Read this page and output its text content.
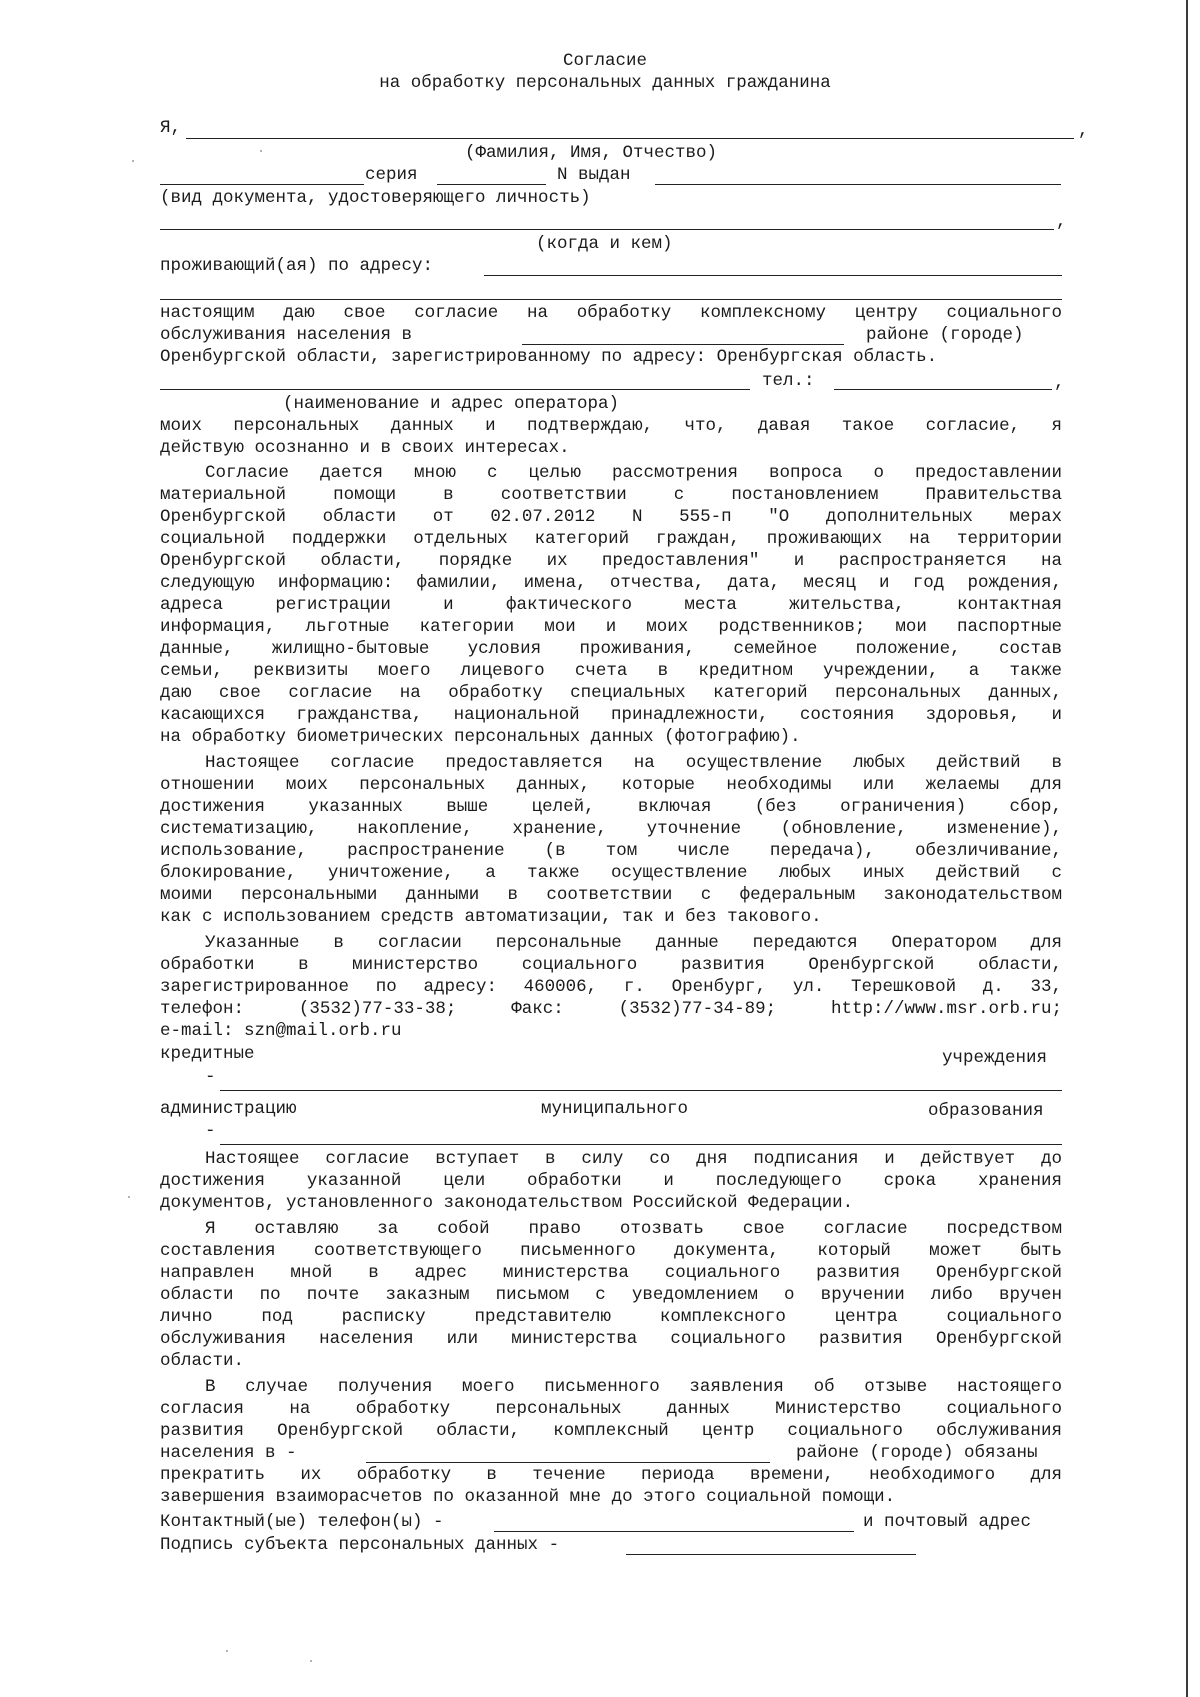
Согласие
на обработку персональных данных гражданина
Я,	,
(Фамилия, Имя, Отчество)
серия	N выдан
(вид документа, удостоверяющего личность)
,
(когда и кем)
проживающий(ая) по адресу:
настоящим даю свое согласие на обработку комплексному центру социального
обслуживания населения в	районе (городе)
Оренбургской области, зарегистрированному по адресу: Оренбургская область.
тел.:	,
(наименование и адрес оператора)
моих персональных данных и подтверждаю, что, давая такое согласие, я
действую осознанно и в своих интересах.
Согласие дается мною с целью рассмотрения вопроса о предоставлении
материальной помощи в соответствии с постановлением Правительства
Оренбургской области от 02.07.2012 N 555-п "О дополнительных мерах
социальной поддержки отдельных категорий граждан, проживающих на территории
Оренбургской области, порядке их предоставления" и распространяется на
следующую информацию: фамилии, имена, отчества, дата, месяц и год рождения,
адреса регистрации и фактического места жительства, контактная
информация, льготные категории мои и моих родственников; мои паспортные
данные, жилищно-бытовые условия проживания, семейное положение, состав
семьи, реквизиты моего лицевого счета в кредитном учреждении, а также
даю свое согласие на обработку специальных категорий персональных данных,
касающихся гражданства, национальной принадлежности, состояния здоровья, и
на обработку биометрических персональных данных (фотографию).
Настоящее согласие предоставляется на осуществление любых действий в
отношении моих персональных данных, которые необходимы или желаемы для
достижения указанных выше целей, включая (без ограничения) сбор,
систематизацию, накопление, хранение, уточнение (обновление, изменение),
использование, распространение (в том числе передача), обезличивание,
блокирование, уничтожение, а также осуществление любых иных действий с
моими персональными данными в соответствии с федеральным законодательством
как с использованием средств автоматизации, так и без такового.
Указанные в согласии персональные данные передаются Оператором для
обработки в министерство социального развития Оренбургской области,
зарегистрированное по адресу: 460006, г. Оренбург, ул. Терешковой д. 33,
телефон: (3532)77-33-38; Факс: (3532)77-34-89; http://www.msr.orb.ru;
e-mail: szn@mail.orb.ru
кредитные	учреждения
-
администрацию	муниципального	образования
-
Настоящее согласие вступает в силу со дня подписания и действует до
достижения указанной цели обработки и последующего срока хранения
документов, установленного законодательством Российской Федерации.
Я оставляю за собой право отозвать свое согласие посредством
составления соответствующего письменного документа, который может быть
направлен мной в адрес министерства социального развития Оренбургской
области по почте заказным письмом с уведомлением о вручении либо вручен
лично под расписку представителю комплексного центра социального
обслуживания населения или министерства социального развития Оренбургской
области.
В случае получения моего письменного заявления об отзыве настоящего
согласия на обработку персональных данных Министерство социального
развития Оренбургской области, комплексный центр социального обслуживания
населения в -	районе (городе) обязаны
прекратить их обработку в течение периода времени, необходимого для
завершения взаиморасчетов по оказанной мне до этого социальной помощи.
Контактный(ые) телефон(ы) -	и почтовый адрес
Подпись субъекта персональных данных -
